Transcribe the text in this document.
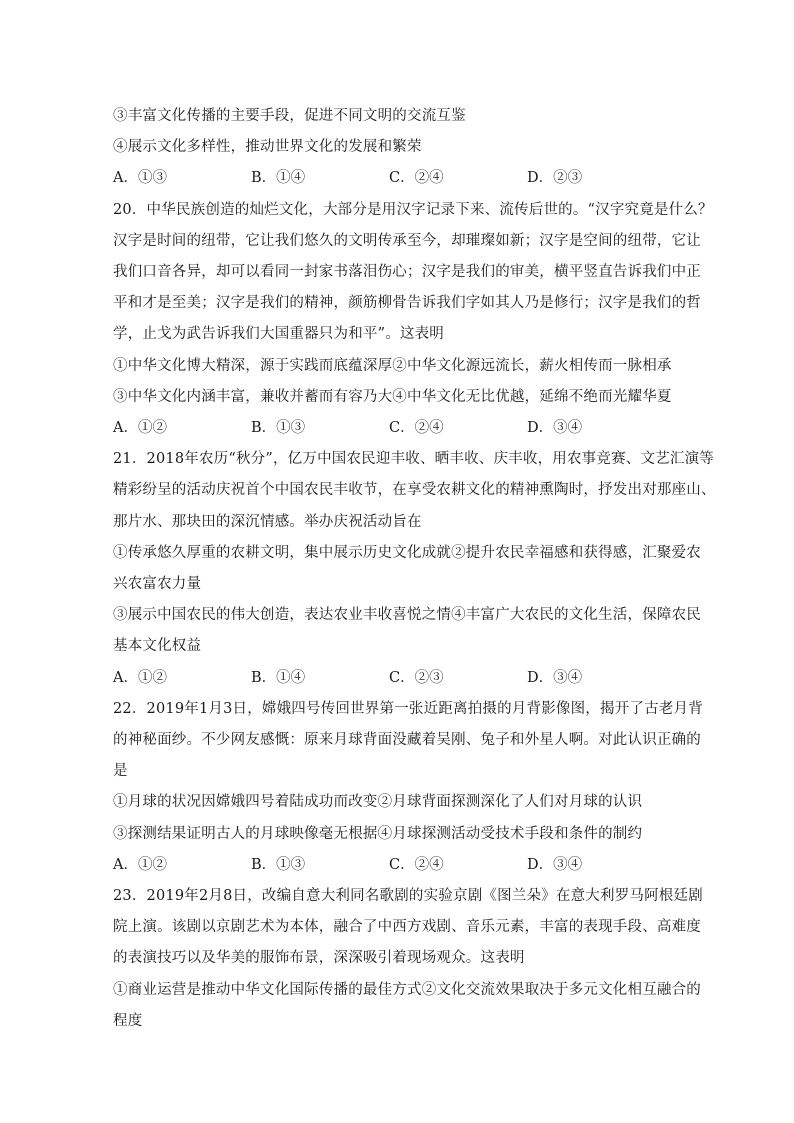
③丰富文化传播的主要手段，促进不同文明的交流互鉴
④展示文化多样性，推动世界文化的发展和繁荣
A．①③	B．①④	C．②④	D．②③
20．中华民族创造的灿烂文化，大部分是用汉字记录下来、流传后世的。“汉字究竟是什么？
汉字是时间的纽带，它让我们悠久的文明传承至今，却璀璨如新；汉字是空间的纽带，它让
我们口音各异，却可以看同一封家书落泪伤心；汉字是我们的审美，横平竖直告诉我们中正
平和才是至美；汉字是我们的精神，颜筋柳骨告诉我们字如其人乃是修行；汉字是我们的哲
学，止戈为武告诉我们大国重器只为和平”。这表明
①中华文化博大精深，源于实践而底蕴深厚②中华文化源远流长，薪火相传而一脉相承
③中华文化内涵丰富，兼收并蓄而有容乃大④中华文化无比优越，延绵不绝而光耀华夏
A．①②	B．①③	C．②④	D．③④
21．2018年农历“秋分”，亿万中国农民迎丰收、晒丰收、庆丰收，用农事竞赛、文艺汇演等
精彩纷呈的活动庆祝首个中国农民丰收节，在享受农耕文化的精神熏陶时，抒发出对那座山、
那片水、那块田的深沉情感。举办庆祝活动旨在
①传承悠久厚重的农耕文明，集中展示历史文化成就②提升农民幸福感和获得感，汇聚爱农
兴农富农力量
③展示中国农民的伟大创造，表达农业丰收喜悦之情④丰富广大农民的文化生活，保障农民
基本文化权益
A．①②	B．①④	C．②③	D．③④
22．2019年1月3日，嫦娥四号传回世界第一张近距离拍摄的月背影像图，揭开了古老月背
的神秘面纱。不少网友感慨：原来月球背面没藏着吴刚、兔子和外星人啊。对此认识正确的
是
①月球的状况因嫦娥四号着陆成功而改变②月球背面探测深化了人们对月球的认识
③探测结果证明古人的月球映像毫无根据④月球探测活动受技术手段和条件的制约
A．①②	B．①③	C．②④	D．③④
23．2019年2月8日，改编自意大利同名歌剧的实验京剧《图兰朵》在意大利罗马阿根廷剧
院上演。该剧以京剧艺术为本体，融合了中西方戏剧、音乐元素，丰富的表现手段、高难度
的表演技巧以及华美的服饰布景，深深吸引着现场观众。这表明
①商业运营是推动中华文化国际传播的最佳方式②文化交流效果取决于多元文化相互融合的
程度
